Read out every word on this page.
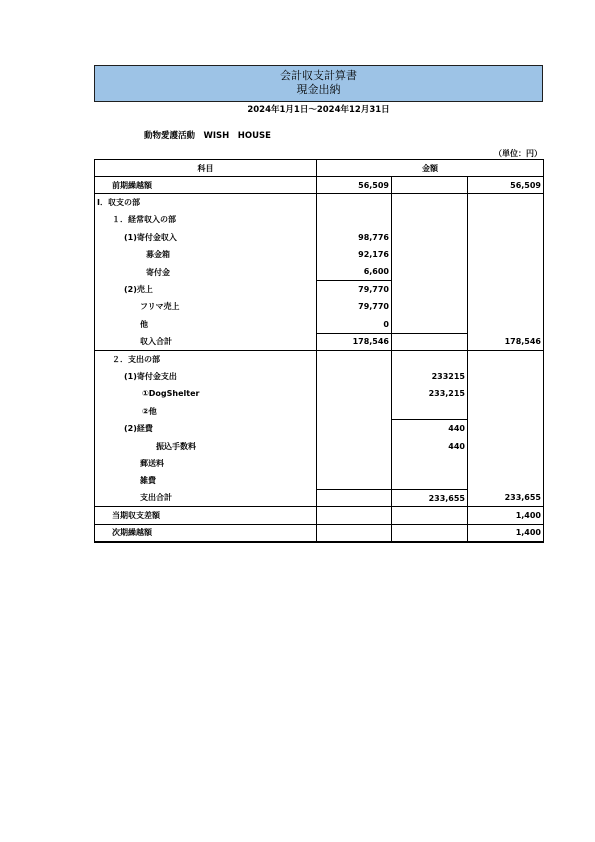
会計収支計算書
現金出納
2024年1月1日～2024年12月31日
動物愛護活動　WISH　HOUSE
（単位：円）
科目	金額		
前期繰越額	56,509		56,509
Ⅰ．収支の部			
１．経常収入の部			
(1)寄付金収入	98,776		
募金箱	92,176		
寄付金	6,600		
(2)売上	79,770		
フリマ売上	79,770		
他	0		
収入合計	178,546		178,546
２．支出の部			
(1)寄付金支出		233215	
①DogShelter		233,215	
②他			
(2)経費		440	
振込手数料		440	
郵送料			
雑費			
支出合計		233,655	233,655
当期収支差額			1,400
次期繰越額			1,400
